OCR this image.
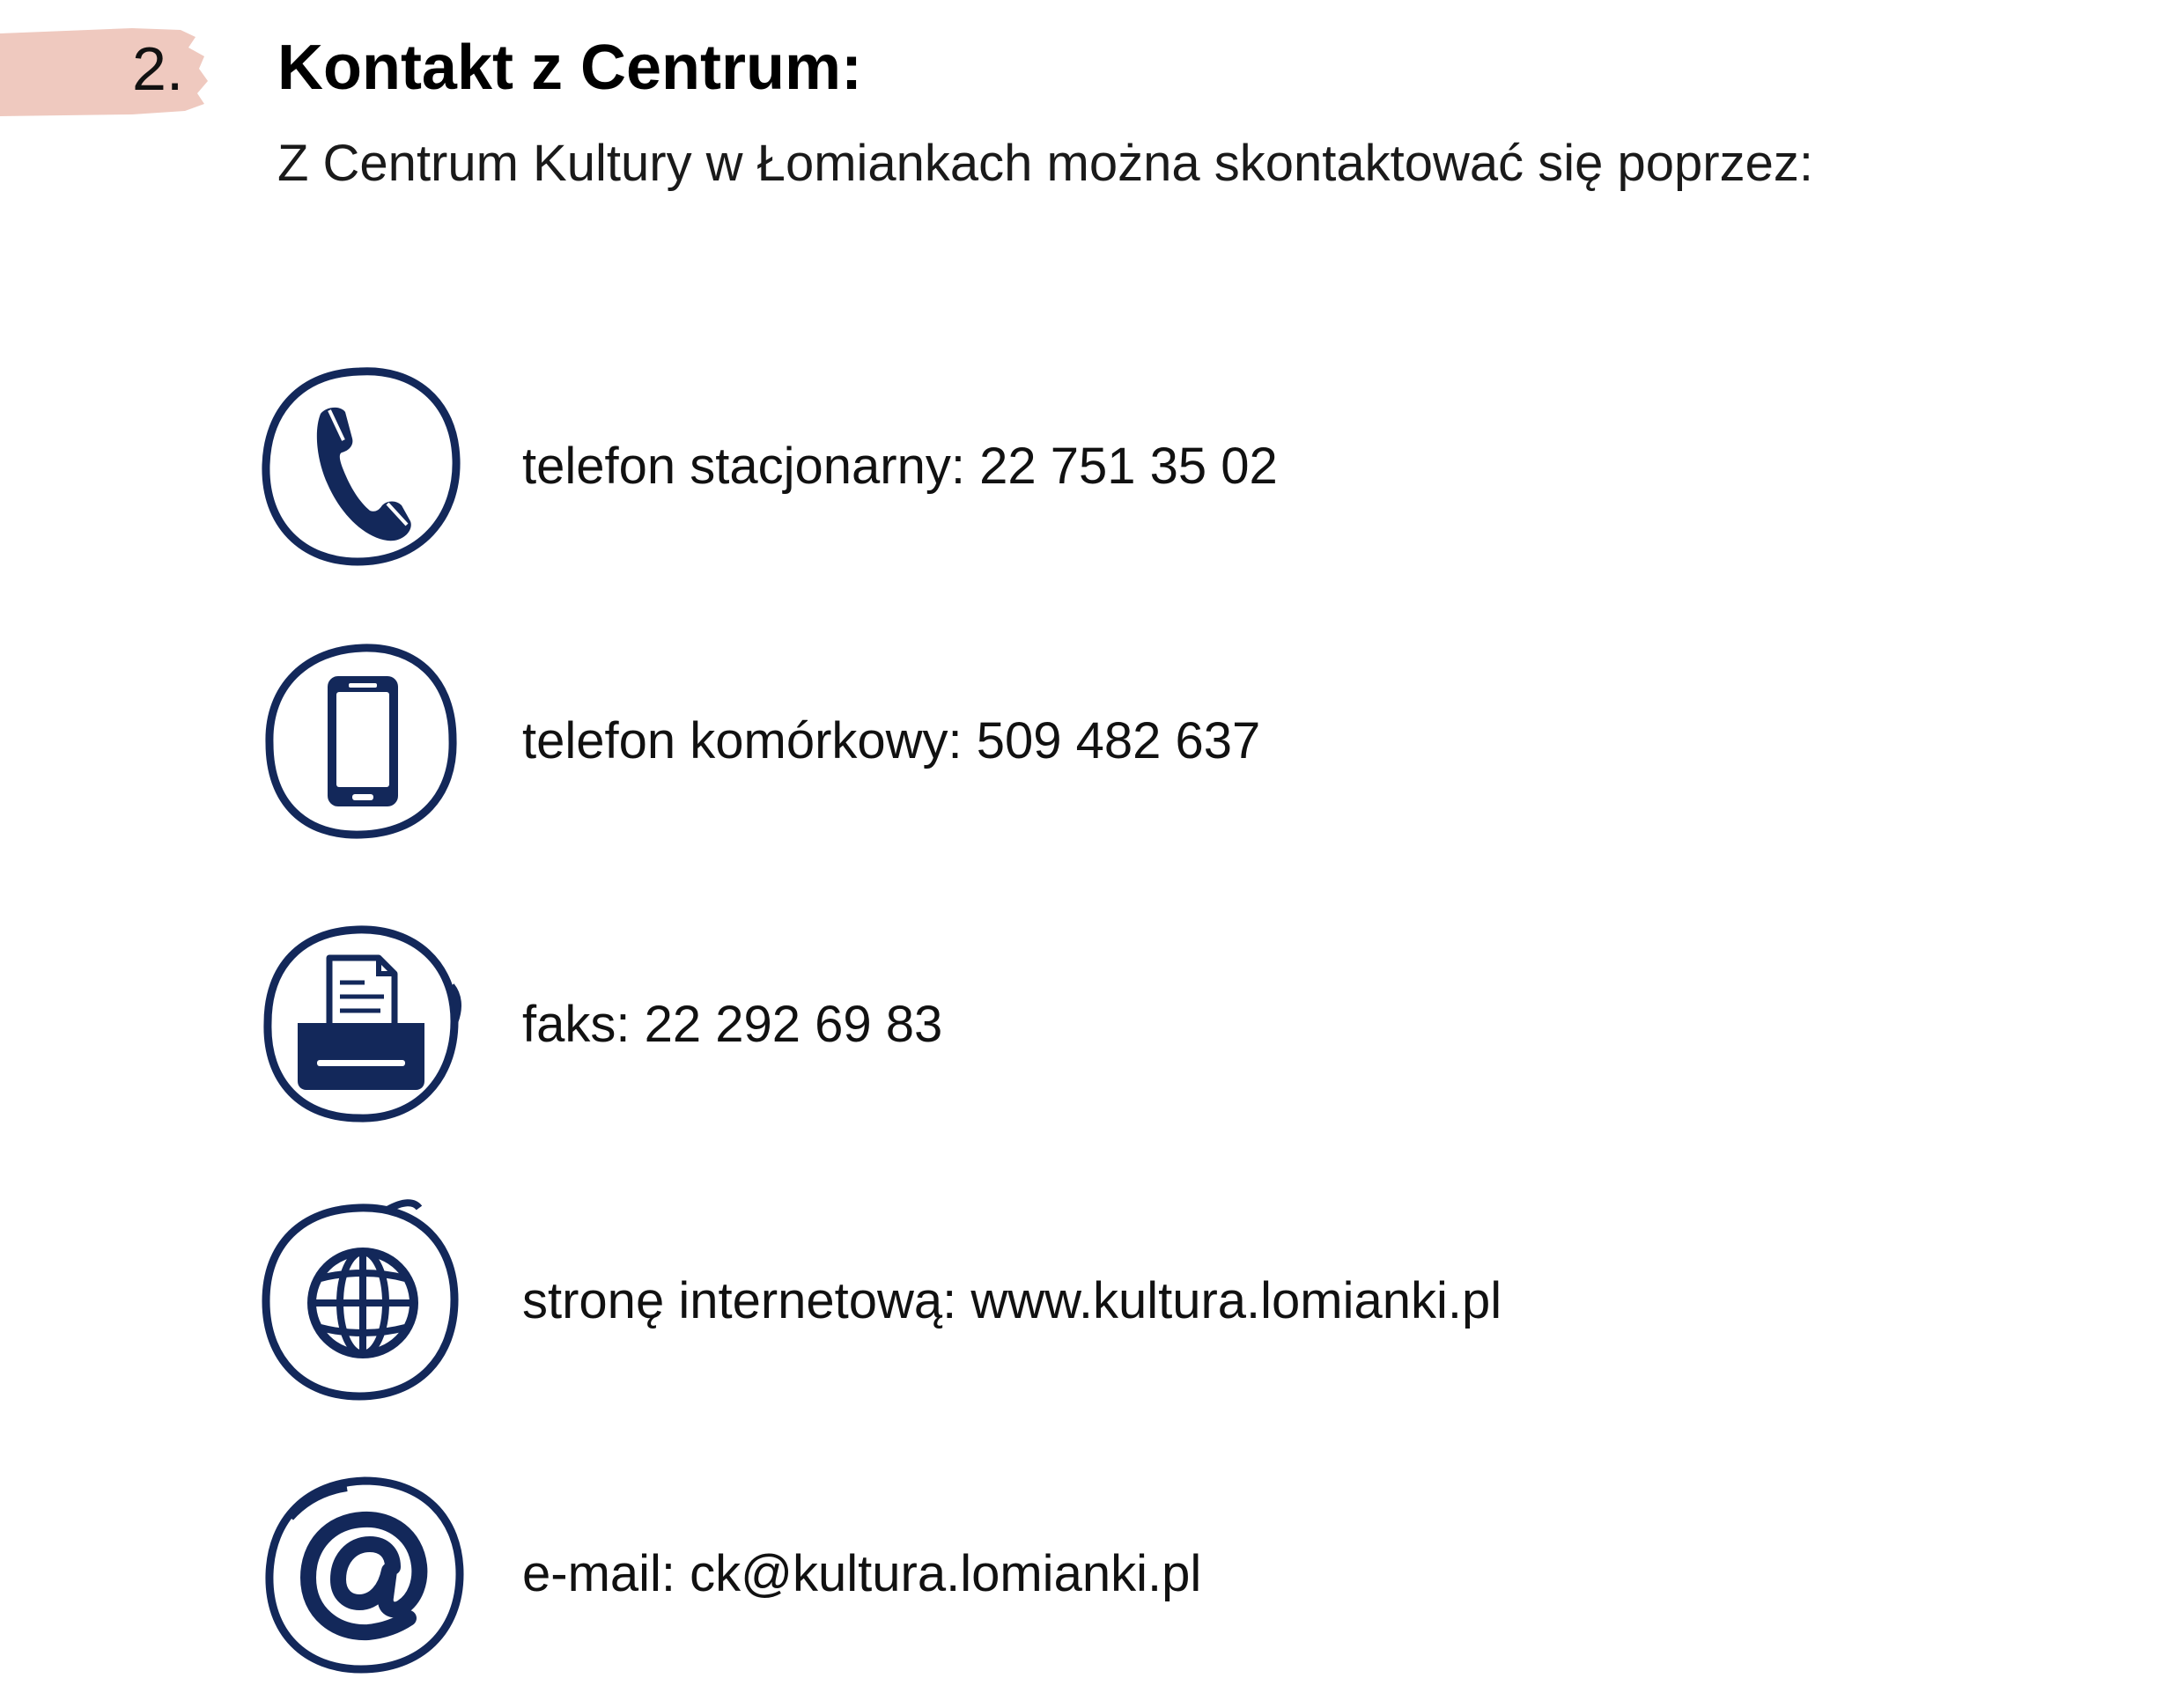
2. Kontakt z Centrum:

Z Centrum Kultury w Łomiankach można skontaktować się poprzez:

telefon stacjonarny: 22 751 35 02
telefon komórkowy: 509 482 637
faks: 22 292 69 83
stronę internetową: www.kultura.lomianki.pl
e-mail: ck@kultura.lomianki.pl
